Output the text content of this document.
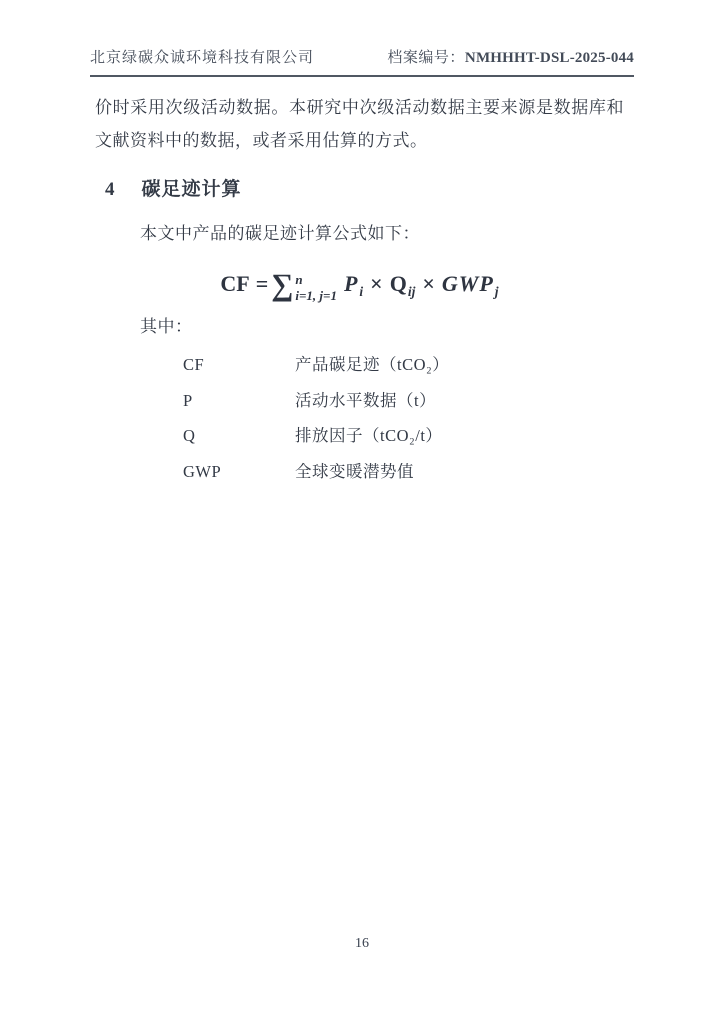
北京绿碳众诚环境科技有限公司	档案编号：NMHHHT-DSL-2025-044

价时采用次级活动数据。本研究中次级活动数据主要来源是数据库和文献资料中的数据，或者采用估算的方式。

4 碳足迹计算

本文中产品的碳足迹计算公式如下：

CF = ∑ n
i=1, j=1 P i × Q ij × GWP j

其中：

CF	产品碳足迹（tCO₂）
P	活动水平数据（t）
Q	排放因子（tCO₂/t）
GWP	全球变暖潜势值
16
